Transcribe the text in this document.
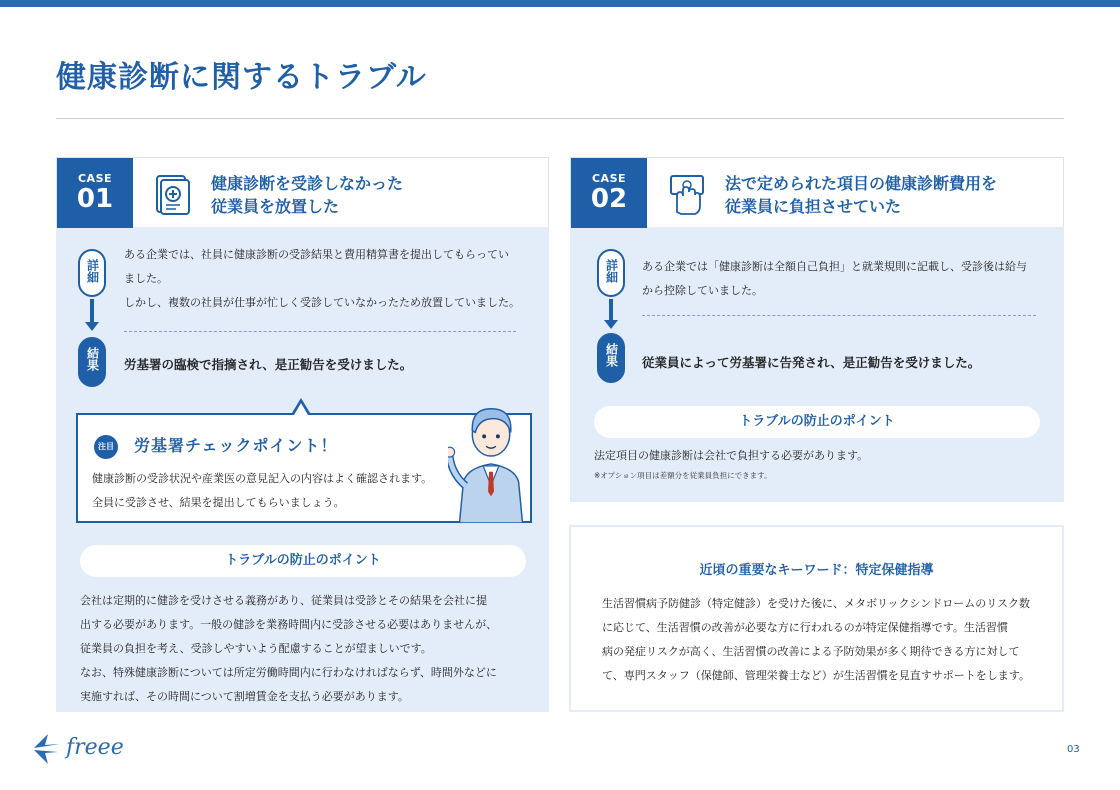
健康診断に関するトラブル
CASE
01
健康診断を受診しなかった
従業員を放置した
詳細
結果
ある企業では、社員に健康診断の受診結果と費用精算書を提出してもらってい
ました。
しかし、複数の社員が仕事が忙しく受診していなかったため放置していました。
労基署の臨検で指摘され、是正勧告を受けました。
注目 労基署チェックポイント！
健康診断の受診状況や産業医の意見記入の内容はよく確認されます。
全員に受診させ、結果を提出してもらいましょう。
トラブルの防止のポイント
会社は定期的に健診を受けさせる義務があり、従業員は受診とその結果を会社に提
出する必要があります。一般の健診を業務時間内に受診させる必要はありませんが、
従業員の負担を考え、受診しやすいよう配慮することが望ましいです。
なお、特殊健康診断については所定労働時間内に行わなければならず、時間外などに
実施すれば、その時間について割増賃金を支払う必要があります。
CASE
02
法で定められた項目の健康診断費用を
従業員に負担させていた
詳細
結果
ある企業では「健康診断は全額自己負担」と就業規則に記載し、受診後は給与
から控除していました。
従業員によって労基署に告発され、是正勧告を受けました。
トラブルの防止のポイント
法定項目の健康診断は会社で負担する必要があります。
※オプション項目は差額分を従業員負担にできます。
近頃の重要なキーワード：特定保健指導
生活習慣病予防健診（特定健診）を受けた後に、メタボリックシンドロームのリスク数
に応じて、生活習慣の改善が必要な方に行われるのが特定保健指導です。生活習慣
病の発症リスクが高く、生活習慣の改善による予防効果が多く期待できる方に対して
て、専門スタッフ（保健師、管理栄養士など）が生活習慣を見直すサポートをします。
freee	03
